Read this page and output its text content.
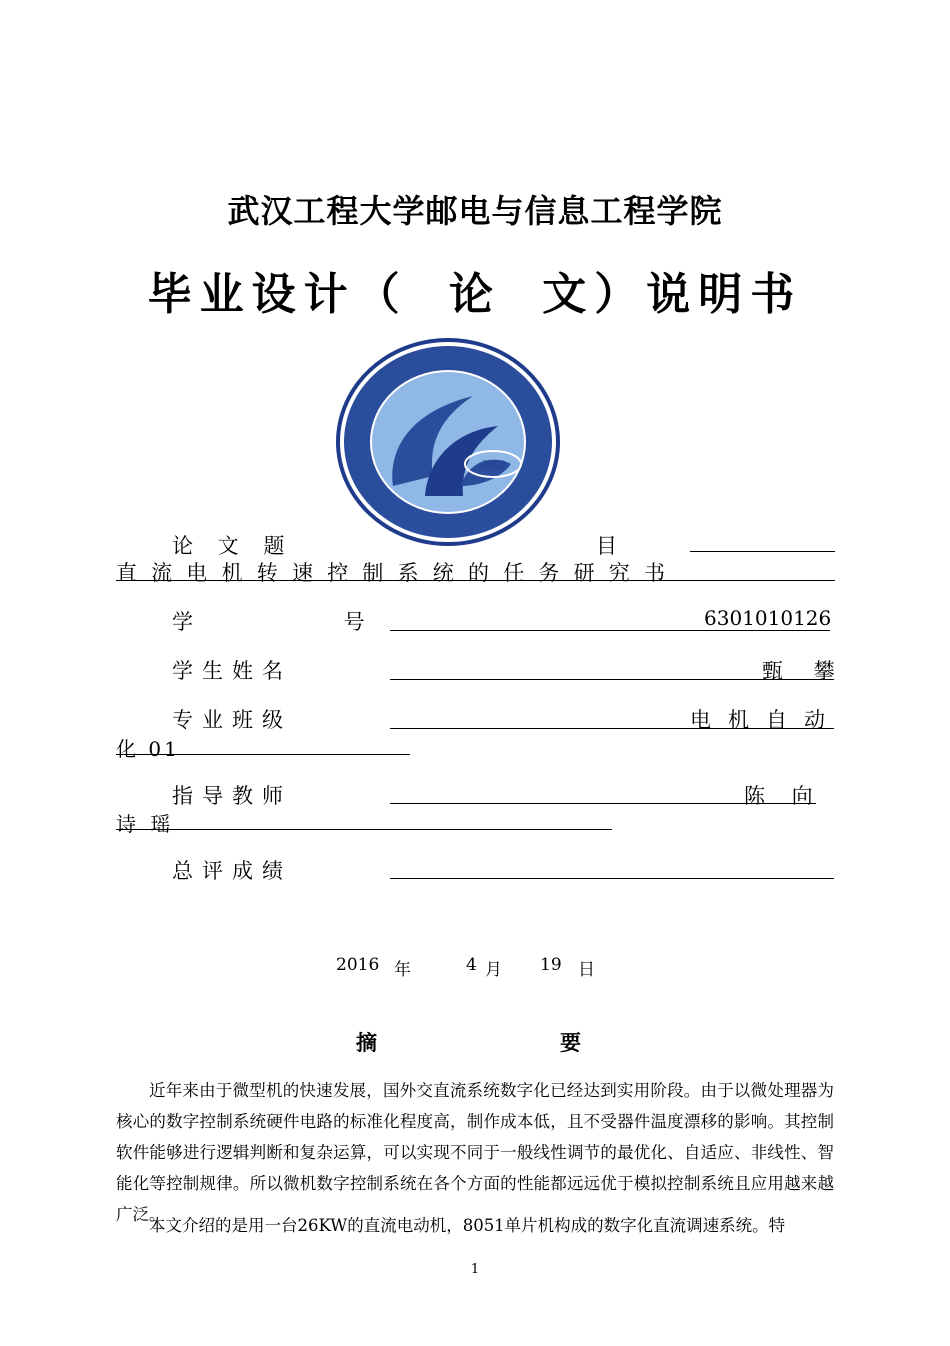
武汉工程大学邮电与信息工程学院
毕业设计（ 论 文）说明书
2002
论 文 题	目
直流电机转速控制系统的任务研究书
学 号	6301010126
学生姓名	甄 攀
专业班级	电机自动
化 01
指导教师	陈 向
诗 瑶
总评成绩
2016 年	4 月 19 日
摘	要
近年来由于微型机的快速发展，国外交直流系统数字化已经达到实用阶段。由于以微处理器为核心的数字控制系统硬件电路的标准化程度高，制作成本低，且不受器件温度漂移的影响。其控制软件能够进行逻辑判断和复杂运算，可以实现不同于一般线性调节的最优化、自适应、非线性、智能化等控制规律。所以微机数字控制系统在各个方面的性能都远远优于模拟控制系统且应用越来越广泛。
本文介绍的是用一台26KW的直流电动机，8051单片机构成的数字化直流调速系统。特
1
